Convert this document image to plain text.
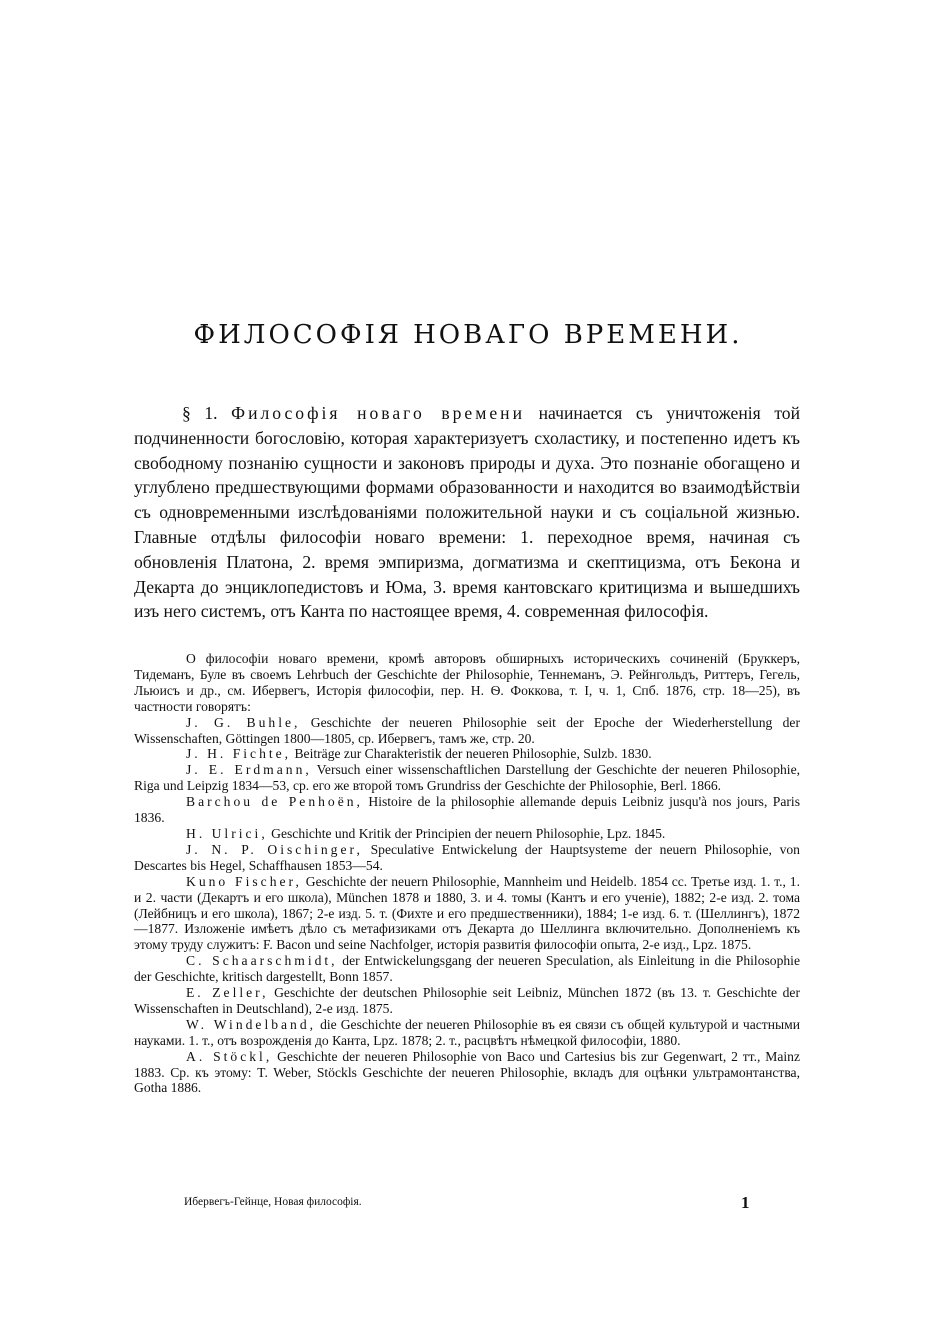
ФИЛОСОФІЯ НОВАГО ВРЕМЕНИ.

§ 1. Философія новаго времени начинается съ уничтоженія той подчиненности богословію, которая характеризуетъ схоластику, и постепенно идетъ къ свободному познанію сущности и законовъ природы и духа. Это познаніе обогащено и углублено предшествующими формами образованности и находится во взаимодѣйствіи съ одновременными изслѣдованіями положительной науки и съ соціальной жизнью. Главные отдѣлы философіи новаго времени: 1. переходное время, начиная съ обновленія Платона, 2. время эмпиризма, догматизма и скептицизма, отъ Бекона и Декарта до энциклопедистовъ и Юма, 3. время кантовскаго критицизма и вышедшихъ изъ него системъ, отъ Канта по настоящее время, 4. современная философія.

О философіи новаго времени, кромѣ авторовъ обширныхъ историческихъ сочиненій (Бруккеръ, Тидеманъ, Буле въ своемъ Lehrbuch der Geschichte der Philosophie, Теннеманъ, Э. Рейнгольдъ, Риттеръ, Гегель, Льюисъ и др., см. Ибервегъ, Исторія философіи, пер. Н. Ѳ. Фоккова, т. I, ч. 1, Спб. 1876, стр. 18—25), въ частности говорятъ:

J. G. Buhle, Geschichte der neueren Philosophie seit der Epoche der Wiederherstellung der Wissenschaften, Göttingen 1800—1805, ср. Ибервегъ, тамъ же, стр. 20.

J. H. Fichte, Beiträge zur Charakteristik der neueren Philosophie, Sulzb. 1830.

J. E. Erdmann, Versuch einer wissenschaftlichen Darstellung der Geschichte der neueren Philosophie, Riga und Leipzig 1834—53, ср. его же второй томъ Grundriss der Geschichte der Philosophie, Berl. 1866.

Barchou de Penhoën, Histoire de la philosophie allemande depuis Leibniz jusqu'à nos jours, Paris 1836.

H. Ulrici, Geschichte und Kritik der Principien der neuern Philosophie, Lpz. 1845.

J. N. P. Oischinger, Speculative Entwickelung der Hauptsysteme der neuern Philosophie, von Descartes bis Hegel, Schaffhausen 1853—54.

Kuno Fischer, Geschichte der neuern Philosophie, Mannheim und Heidelb. 1854 сс. Третье изд. 1. т., 1. и 2. части (Декартъ и его школа), München 1878 и 1880, 3. и 4. томы (Кантъ и его ученіе), 1882; 2-е изд. 2. тома (Лейбницъ и его школа), 1867; 2-е изд. 5. т. (Фихте и его предшественники), 1884; 1-е изд. 6. т. (Шеллингъ), 1872—1877. Изложеніе имѣетъ дѣло съ метафизиками отъ Декарта до Шеллинга включительно. Дополненіемъ къ этому труду служитъ: F. Bacon und seine Nachfolger, исторія развитія философіи опыта, 2-е изд., Lpz. 1875.

C. Schaarschmidt, der Entwickelungsgang der neueren Speculation, als Einleitung in die Philosophie der Geschichte, kritisch dargestellt, Bonn 1857.

E. Zeller, Geschichte der deutschen Philosophie seit Leibniz, München 1872 (въ 13. т. Geschichte der Wissenschaften in Deutschland), 2-е изд. 1875.

W. Windelband, die Geschichte der neueren Philosophie въ ея связи съ общей культурой и частными науками. 1. т., отъ возрожденія до Канта, Lpz. 1878; 2. т., расцвѣтъ нѣмецкой философіи, 1880.

A. Stöckl, Geschichte der neueren Philosophie von Baco und Cartesius bis zur Gegenwart, 2 тт., Mainz 1883. Ср. къ этому: T. Weber, Stöckls Geschichte der neueren Philosophie, вкладъ для оцѣнки ультрамонтанства, Gotha 1886.

Ибервегъ-Гейнце, Новая философія.	1
